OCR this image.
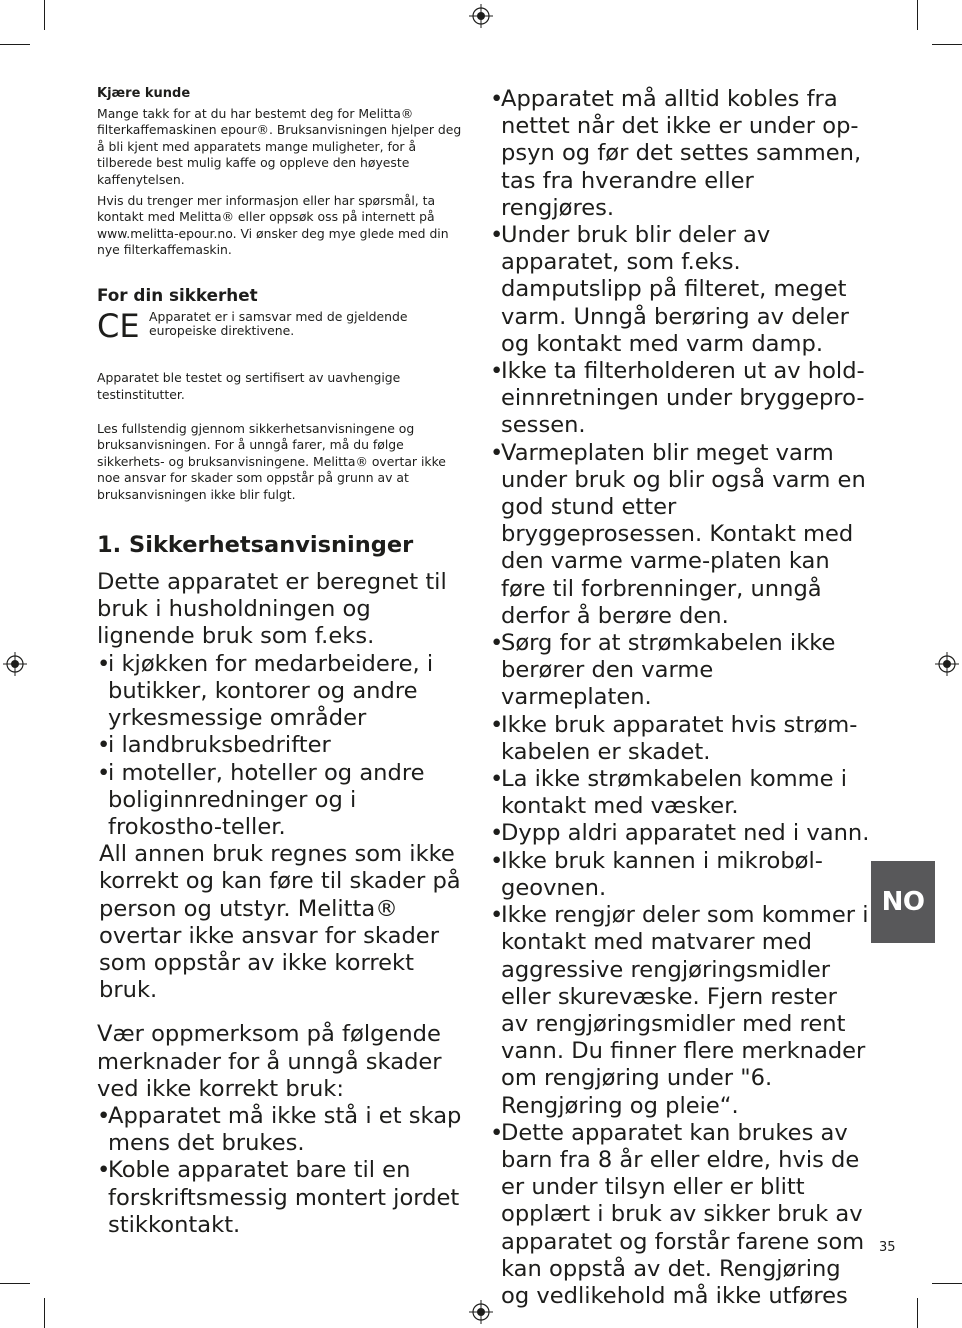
Kjære kunde

Mange takk for at du har bestemt deg for Melitta® filterkaffemaskinen epour®. Bruksanvisningen hjelper deg å bli kjent med apparatets mange muligheter, for å tilberede best mulig kaffe og oppleve den høyeste kaffenytelsen.

Hvis du trenger mer informasjon eller har spørsmål, ta kontakt med Melitta® eller oppsøk oss på internett på www.melitta-epour.no. Vi ønsker deg mye glede med din nye filterkaffemaskin.

For din sikkerhet

CE Apparatet er i samsvar med de gjeldende europeiske direktivene.

Apparatet ble testet og sertifisert av uavhengige testinstitutter.

Les fullstendig gjennom sikkerhetsanvisningene og bruksanvisningen. For å unngå farer, må du følge sikkerhets- og bruksanvisningene. Melitta® overtar ikke noe ansvar for skader som oppstår på grunn av at bruksanvisningen ikke blir fulgt.

1. Sikkerhetsanvisninger

Dette apparatet er beregnet til bruk i husholdningen og lignende bruk som f.eks.

•
i kjøkken for medarbeidere, i butikker, kontorer og andre yrkesmessige områder
•
i landbruksbedrifter
•
i moteller, hoteller og andre boliginnredninger og i frokostho-teller.

All annen bruk regnes som ikke korrekt og kan føre til skader på person og utstyr. Melitta® overtar ikke ansvar for skader som oppstår av ikke korrekt bruk.

Vær oppmerksom på følgende merknader for å unngå skader ved ikke korrekt bruk:

•
Apparatet må ikke stå i et skap mens det brukes.
•
Koble apparatet bare til en forskriftsmessig montert jordet stikkontakt.
•
Apparatet må alltid kobles fra nettet når det ikke er under op-psyn og før det settes sammen, tas fra hverandre eller rengjøres.
•
Under bruk blir deler av apparatet, som f.eks. damputslipp på filteret, meget varm. Unngå berøring av deler og kontakt med varm damp.
•
Ikke ta filterholderen ut av hold-einnretningen under bryggepro-sessen.
•
Varmeplaten blir meget varm under bruk og blir også varm en god stund etter bryggeprosessen. Kontakt med den varme varme-platen kan føre til forbrenninger, unngå derfor å berøre den.
•
Sørg for at strømkabelen ikke berører den varme varmeplaten.
•
Ikke bruk apparatet hvis strøm-kabelen er skadet.
•
La ikke strømkabelen komme i kontakt med væsker.
•
Dypp aldri apparatet ned i vann.
•
Ikke bruk kannen i mikrobøl-geovnen.
•
Ikke rengjør deler som kommer i kontakt med matvarer med aggressive rengjøringsmidler eller skurevæske. Fjern rester av rengjøringsmidler med rent vann. Du finner flere merknader om rengjøring under "6. Rengjøring og pleie“.
•
Dette apparatet kan brukes av barn fra 8 år eller eldre, hvis de er under tilsyn eller er blitt opplært i bruk av sikker bruk av apparatet og forstår farene som kan oppstå av det. Rengjøring og vedlikehold må ikke utføres
NO
35
